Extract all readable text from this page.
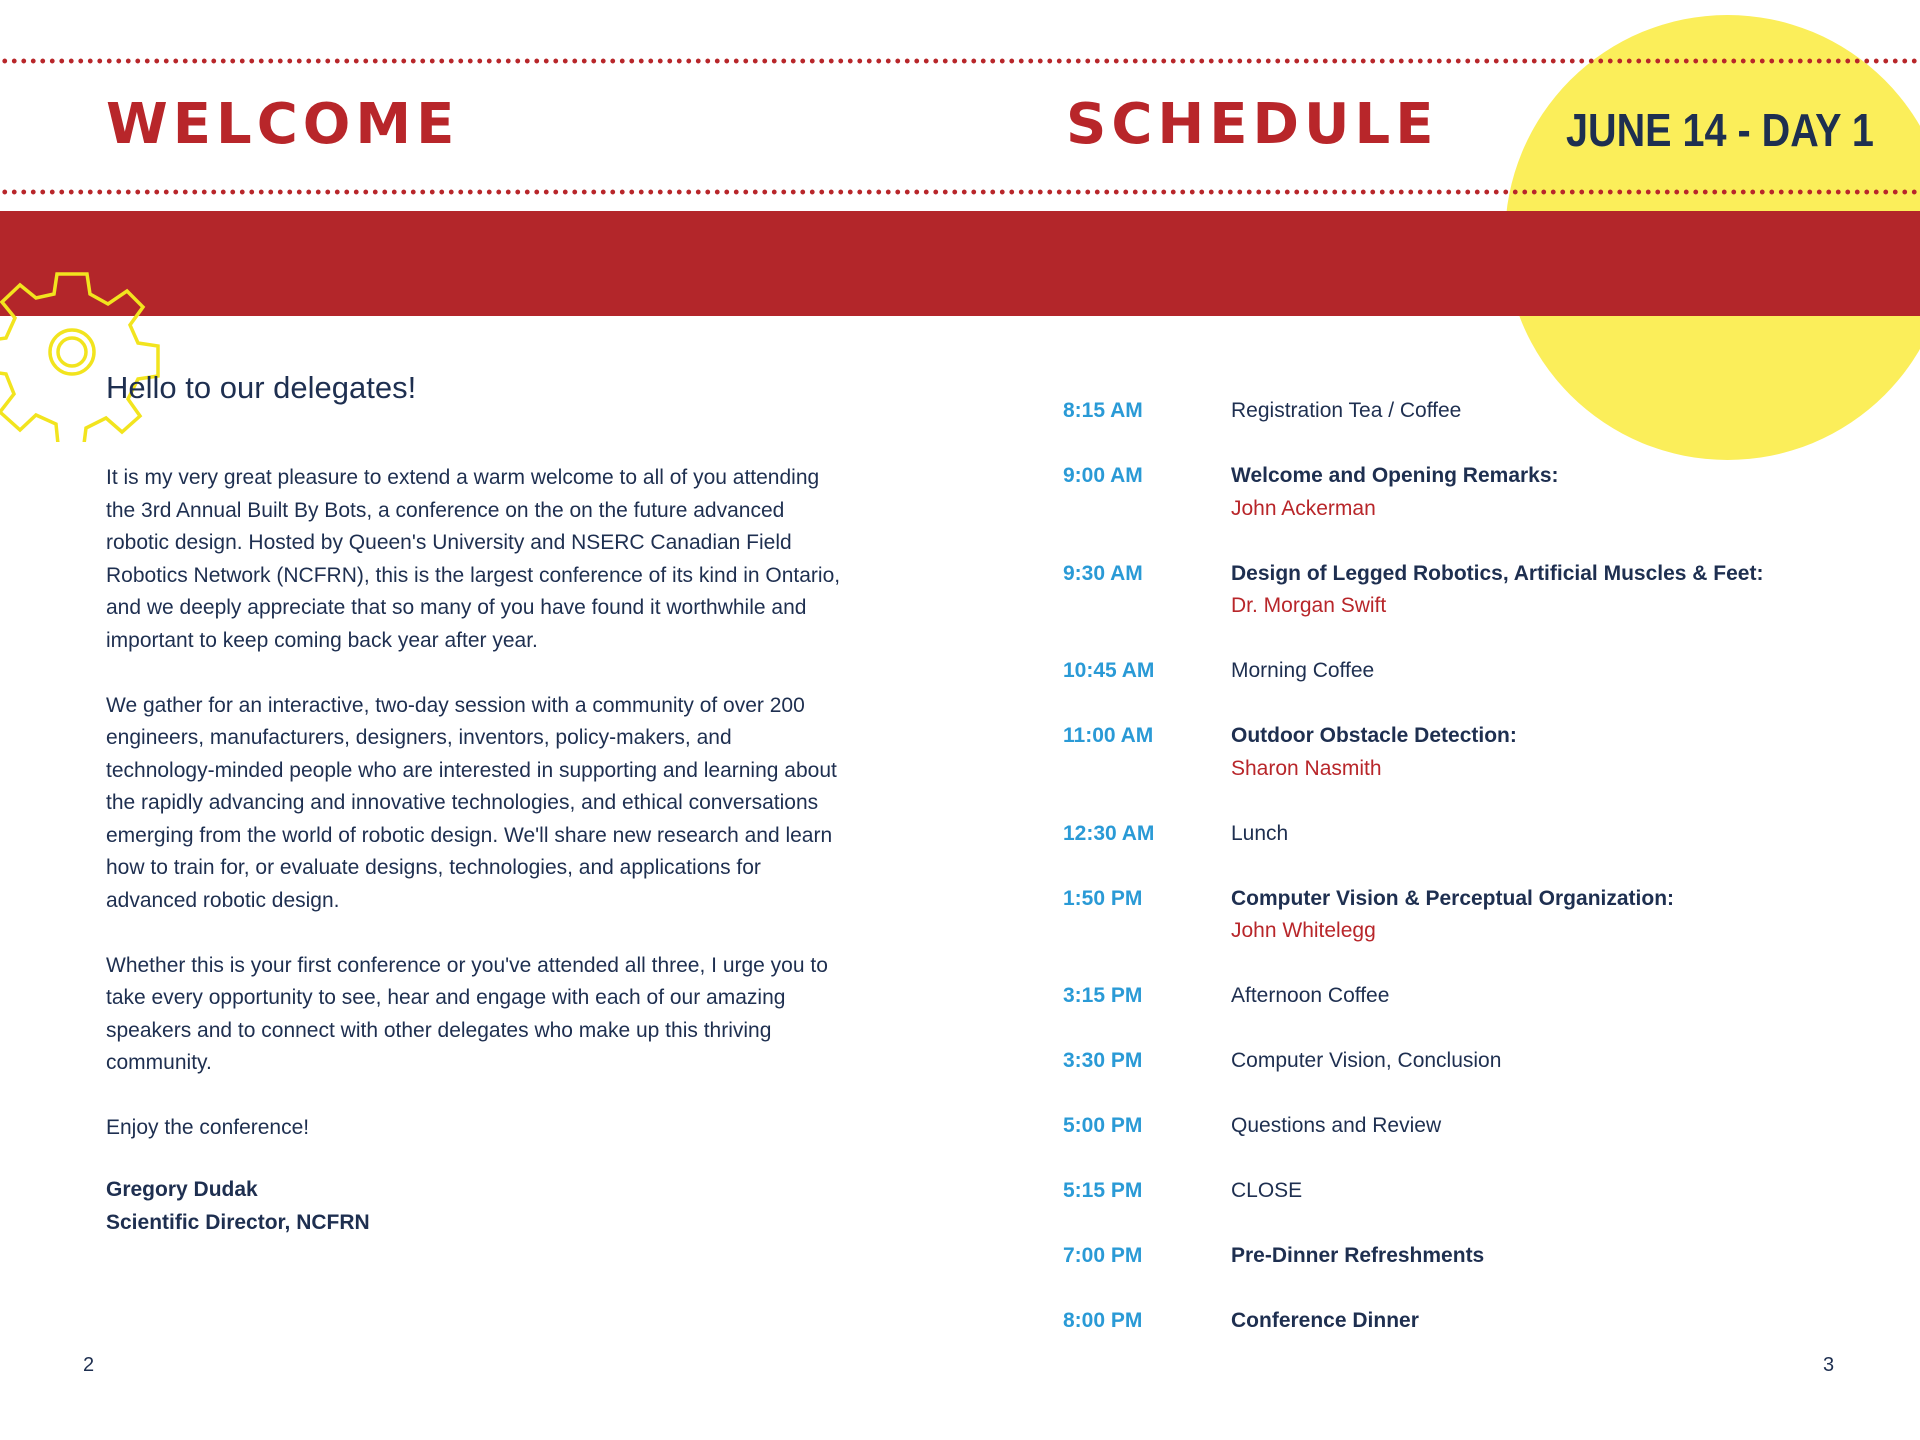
WELCOME	SCHEDULE	JUNE 14 - DAY 1
Hello to our delegates!

It is my very great pleasure to extend a warm welcome to all of you attending the 3rd Annual Built By Bots, a conference on the on the future advanced robotic design. Hosted by Queen's University and NSERC Canadian Field Robotics Network (NCFRN), this is the largest conference of its kind in Ontario, and we deeply appreciate that so many of you have found it worthwhile and important to keep coming back year after year.

We gather for an interactive, two-day session with a community of over 200 engineers, manufacturers, designers, inventors, policy-makers, and technology-minded people who are interested in supporting and learning about the rapidly advancing and innovative technologies, and ethical conversations emerging from the world of robotic design. We'll share new research and learn how to train for, or evaluate designs, technologies, and applications for advanced robotic design.

Whether this is your first conference or you've attended all three, I urge you to take every opportunity to see, hear and engage with each of our amazing speakers and to connect with other delegates who make up this thriving community.

Enjoy the conference!

Gregory Dudak
Scientific Director, NCFRN
8:15 AM	Registration Tea / Coffee
9:00 AM	Welcome and Opening Remarks:
John Ackerman
9:30 AM	Design of Legged Robotics, Artificial Muscles & Feet:
Dr. Morgan Swift
10:45 AM	Morning Coffee
11:00 AM	Outdoor Obstacle Detection:
Sharon Nasmith
12:30 AM	Lunch
1:50 PM	Computer Vision & Perceptual Organization:
John Whitelegg
3:15 PM	Afternoon Coffee
3:30 PM	Computer Vision, Conclusion
5:00 PM	Questions and Review
5:15 PM	CLOSE
7:00 PM	Pre-Dinner Refreshments
8:00 PM	Conference Dinner
2	3
